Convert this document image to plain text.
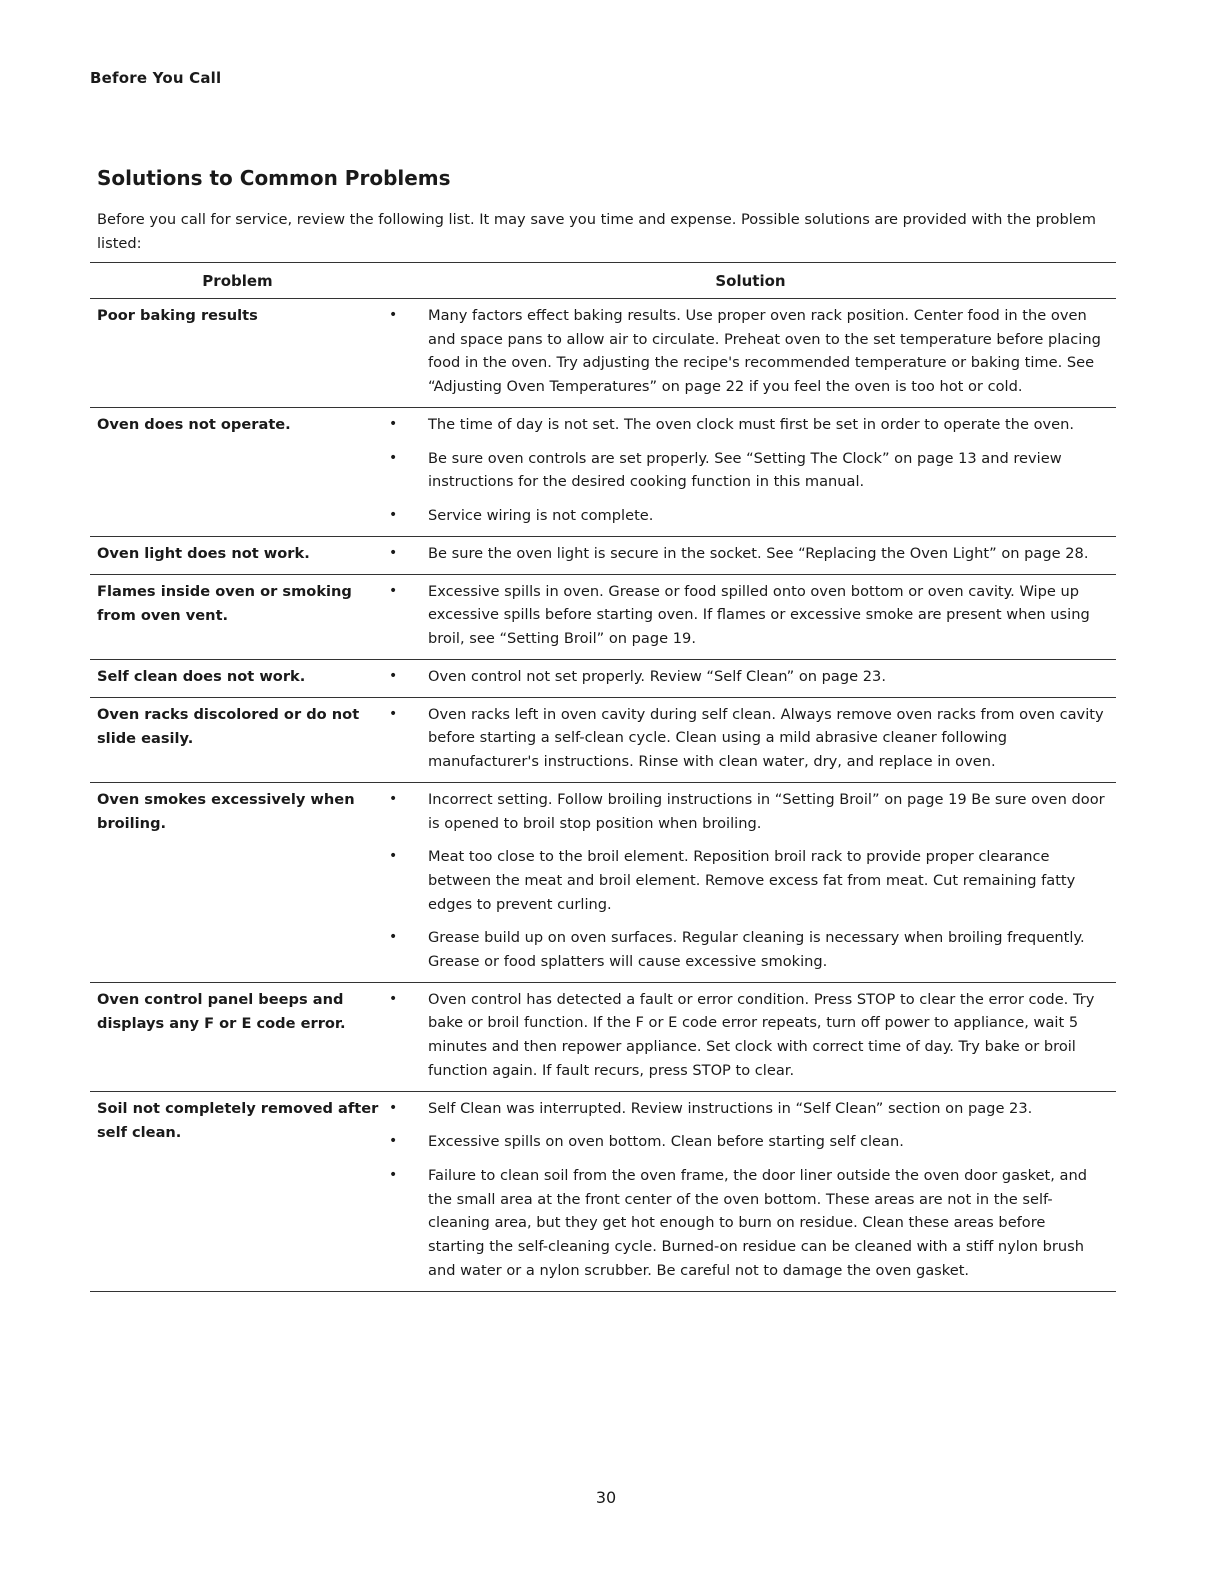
Before You Call
Solutions to Common Problems

Before you call for service, review the following list. It may save you time and expense. Possible solutions are provided with the problem listed:

Problem	Solution
Poor baking results	•	Many factors effect baking results. Use proper oven rack position. Center food in the oven and space pans to allow air to circulate. Preheat oven to the set temperature before placing food in the oven. Try adjusting the recipe's recommended temperature or baking time. See “Adjusting Oven Temperatures” on page 22 if you feel the oven is too hot or cold.
Oven does not operate.	•	The time of day is not set. The oven clock must first be set in order to operate the oven.
•	Be sure oven controls are set properly. See “Setting The Clock” on page 13 and review instructions for the desired cooking function in this manual.
•	Service wiring is not complete.
Oven light does not work.	•	Be sure the oven light is secure in the socket. See “Replacing the Oven Light” on page 28.
Flames inside oven or smoking from oven vent.
•	Excessive spills in oven. Grease or food spilled onto oven bottom or oven cavity. Wipe up excessive spills before starting oven. If flames or excessive smoke are present when using broil, see “Setting Broil” on page 19.
Self clean does not work.	•	Oven control not set properly. Review “Self Clean” on page 23.
Oven racks discolored or do not slide easily.
•	Oven racks left in oven cavity during self clean. Always remove oven racks from oven cavity before starting a self-clean cycle. Clean using a mild abrasive cleaner following manufacturer's instructions. Rinse with clean water, dry, and replace in oven.
Oven smokes excessively when broiling.
•	Incorrect setting. Follow broiling instructions in “Setting Broil” on page 19 Be sure oven door is opened to broil stop position when broiling.
•	Meat too close to the broil element. Reposition broil rack to provide proper clearance between the meat and broil element. Remove excess fat from meat. Cut remaining fatty edges to prevent curling.
•	Grease build up on oven surfaces. Regular cleaning is necessary when broiling frequently. Grease or food splatters will cause excessive smoking.
Oven control panel beeps and displays any F or E code error.
•	Oven control has detected a fault or error condition. Press STOP to clear the error code. Try bake or broil function. If the F or E code error repeats, turn off power to appliance, wait 5 minutes and then repower appliance. Set clock with correct time of day. Try bake or broil function again. If fault recurs, press STOP to clear.
Soil not completely removed after self clean.
•	Self Clean was interrupted. Review instructions in “Self Clean” section on page 23.
•	Excessive spills on oven bottom. Clean before starting self clean.
•	Failure to clean soil from the oven frame, the door liner outside the oven door gasket, and the small area at the front center of the oven bottom. These areas are not in the self-cleaning area, but they get hot enough to burn on residue. Clean these areas before starting the self-cleaning cycle. Burned-on residue can be cleaned with a stiff nylon brush and water or a nylon scrubber. Be careful not to damage the oven gasket.
30
